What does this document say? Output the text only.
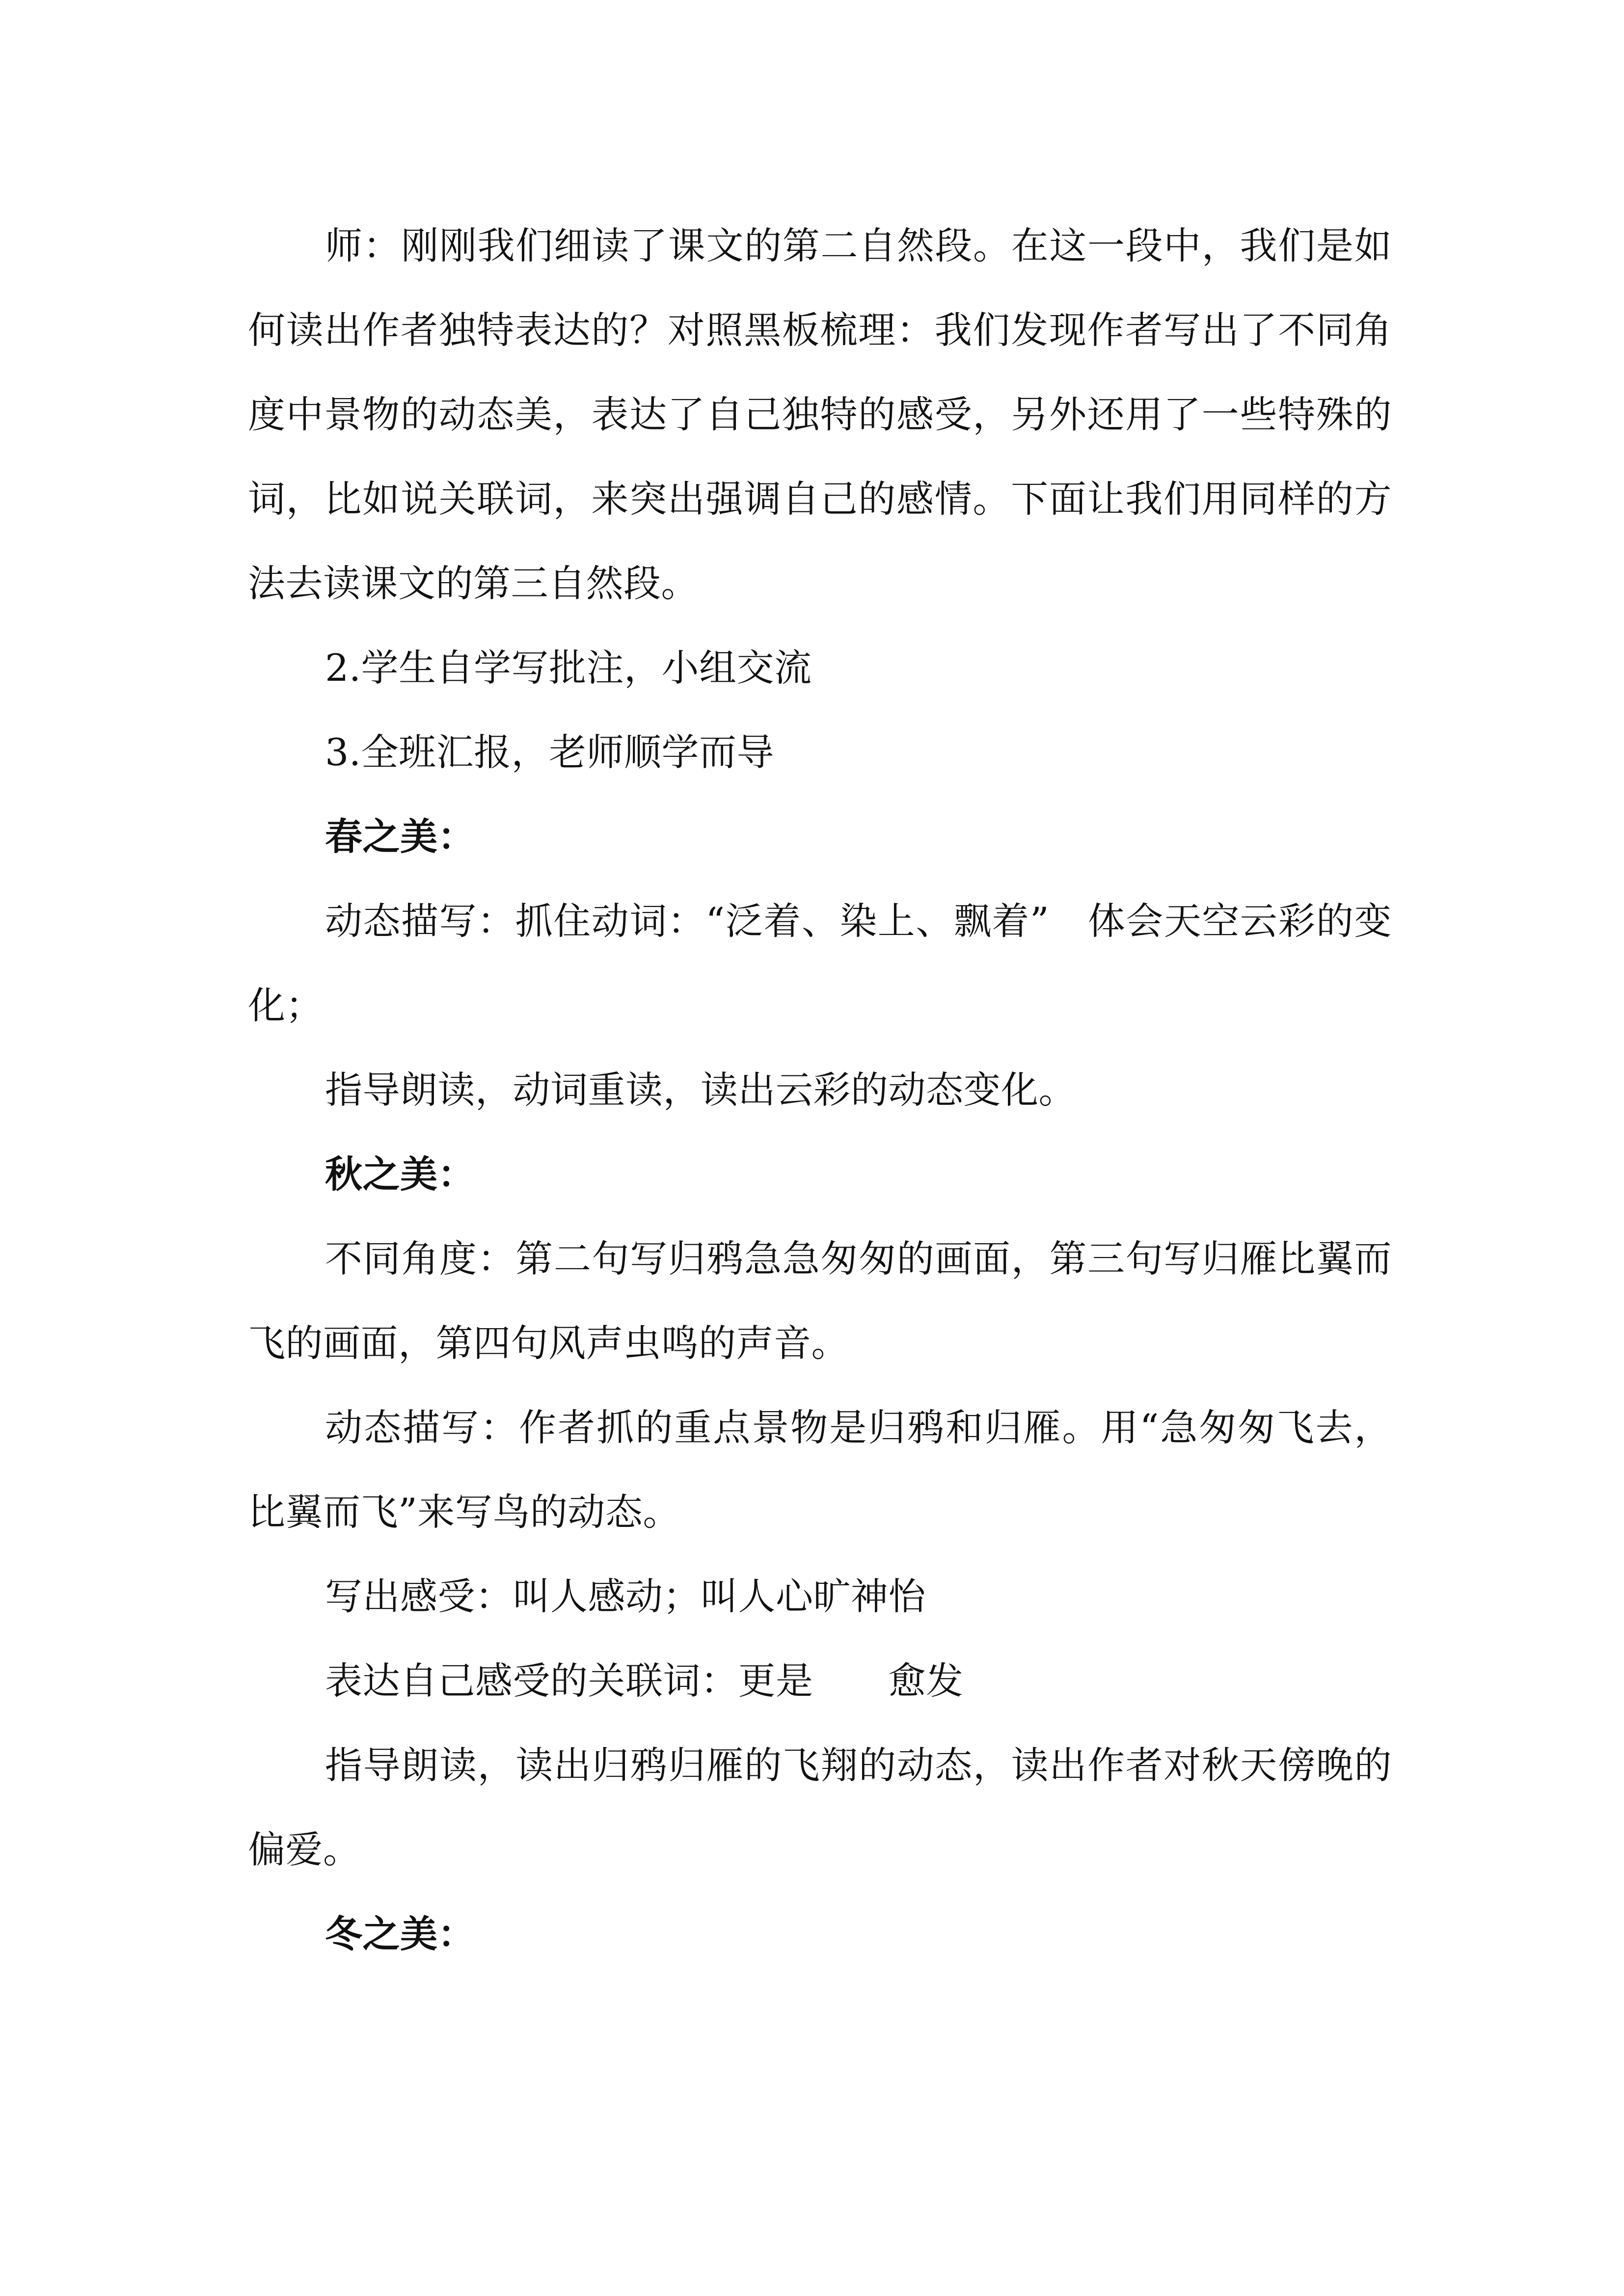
师：刚刚我们细读了课文的第二自然段。在这一段中，我们是如何读出作者独特表达的？对照黑板梳理：我们发现作者写出了不同角度中景物的动态美，表达了自己独特的感受，另外还用了一些特殊的词，比如说关联词，来突出强调自己的感情。下面让我们用同样的方法去读课文的第三自然段。

2.学生自学写批注，小组交流

3.全班汇报，老师顺学而导

春之美：

动态描写：抓住动词：“泛着、染上、飘着”　体会天空云彩的变化；

指导朗读，动词重读，读出云彩的动态变化。

秋之美：

不同角度：第二句写归鸦急急匆匆的画面，第三句写归雁比翼而飞的画面，第四句风声虫鸣的声音。

动态描写：作者抓的重点景物是归鸦和归雁。用“急匆匆飞去，比翼而飞”来写鸟的动态。

写出感受：叫人感动；叫人心旷神怡

表达自己感受的关联词：更是　　愈发

指导朗读，读出归鸦归雁的飞翔的动态，读出作者对秋天傍晚的偏爱。

冬之美：
